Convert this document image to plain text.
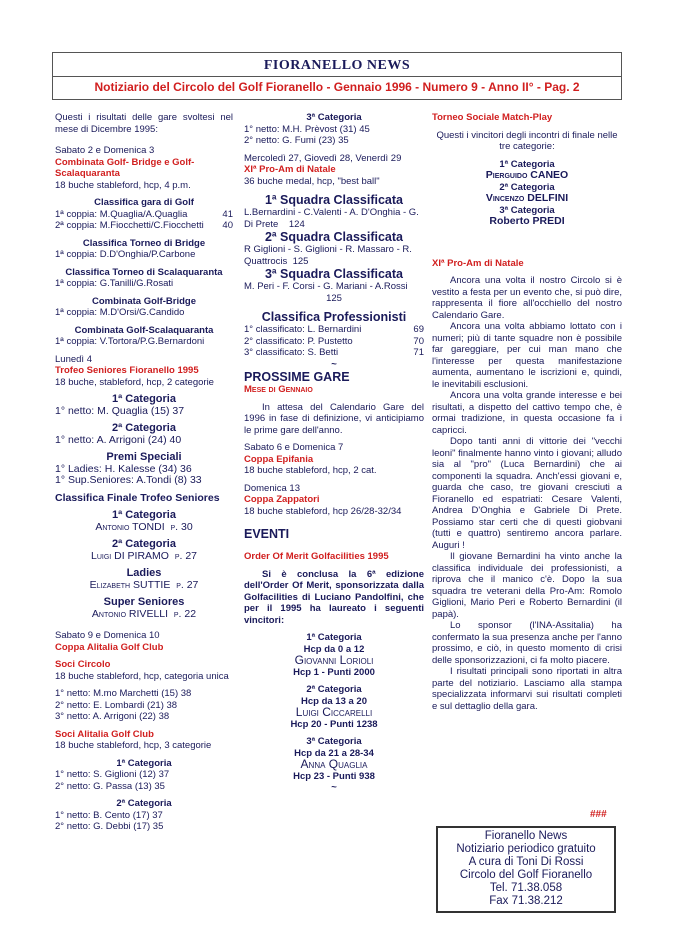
FIORANELLO NEWS
Notiziario del Circolo del Golf Fioranello - Gennaio 1996 - Numero 9 - Anno II° - Pag. 2

Questi i risultati delle gare svoltesi nel mese di Dicembre 1995:

Sabato 2 e Domenica 3

Combinata Golf- Bridge e Golf-Scalaquaranta

18 buche stableford, hcp, 4 p.m.

Classifica gara di Golf

1ª coppia: M.Quaglia/A.Quaglia	41
2ª coppia: M.Fiocchetti/C.Fiocchetti	40

Classifica Torneo di Bridge

1ª coppia: D.D'Onghia/P.Carbone

Classifica Torneo di Scalaquaranta

1ª coppia: G.Tanilli/G.Rosati

Combinata Golf-Bridge

1ª coppia: M.D'Orsi/G.Candido

Combinata Golf-Scalaquaranta

1ª coppia: V.Tortora/P.G.Bernardoni

Lunedì 4

Trofeo Seniores Fioranello 1995

18 buche, stableford, hcp, 2 categorie

1ª Categoria

1° netto: M. Quaglia (15) 37

2ª Categoria

1° netto: A. Arrigoni (24) 40

Premi Speciali

1° Ladies: H. Kalesse (34) 36

1° Sup.Seniores: A.Tondi (8) 33

Classifica Finale Trofeo Seniores

1ª Categoria

Antonio TONDI p. 30

2ª Categoria

Luigi DI PIRAMO p. 27

Ladies

Elizabeth SUTTIE p. 27

Super Seniores

Antonio RIVELLI p. 22

Sabato 9 e Domenica 10

Coppa Alitalia Golf Club

Soci Circolo

18 buche stableford, hcp, categoria unica

1° netto: M.mo Marchetti (15) 38

2° netto: E. Lombardi (21) 38

3° netto: A. Arrigoni (22) 38

Soci Alitalia Golf Club

18 buche stableford, hcp, 3 categorie

1ª Categoria

1° netto: S. Giglioni (12) 37

2° netto: G. Passa (13) 35

2ª Categoria

1° netto: B. Cento (17) 37

2° netto: G. Debbi (17) 35

3ª Categoria

1° netto: M.H. Prèvost (31) 45

2° netto: G. Fumi (23) 35

Mercoledì 27, Giovedì 28, Venerdì 29

XIª Pro-Am di Natale

36 buche medal, hcp, "best ball"

1ª Squadra Classificata

L.Bernardini - C.Valenti - A. D'Onghia - G. Di Prete 124

2ª Squadra Classificata

R Giglioni - S. Giglioni - R. Massaro - R. Quattrocis 125

3ª Squadra Classificata

M. Peri - F. Corsi - G. Mariani - A.Rossi

125

Classifica Professionisti

1° classificato: L. Bernardini	69
2° classificato: P. Pustetto	70
3° classificato: S. Betti	71

~

PROSSIME GARE

Mese di Gennaio

In attesa del Calendario Gare del 1996 in fase di definizione, vi anticipiamo le prime gare dell'anno.

Sabato 6 e Domenica 7

Coppa Epifania

18 buche stableford, hcp, 2 cat.

Domenica 13

Coppa Zappatori

18 buche stableford, hcp 26/28-32/34

EVENTI

Order Of Merit Golfacilities 1995

Si è conclusa la 6ª edizione dell'Order Of Merit, sponsorizzata dalla Golfacilities di Luciano Pandolfini, che per il 1995 ha laureato i seguenti vincitori:

1ª Categoria

Hcp da 0 a 12

Giovanni Lorioli

Hcp 1 - Punti 2000

2ª Categoria

Hcp da 13 a 20

Luigi Ciccarelli

Hcp 20 - Punti 1238

3ª Categoria

Hcp da 21 a 28-34

Anna Quaglia

Hcp 23 - Punti 938

~

Torneo Sociale Match-Play

Questi i vincitori degli incontri di finale nelle tre categorie:

1ª Categoria

Pierguido CANEO

2ª Categoria

Vincenzo DELFINI

3ª Categoria

Roberto PREDI

XIª Pro-Am di Natale

Ancora una volta il nostro Circolo si è vestito a festa per un evento che, si può dire, rappresenta il fiore all'occhiello del nostro Calendario Gare.

Ancora una volta abbiamo lottato con i numeri; più di tante squadre non è possibile far gareggiare, per cui man mano che l'interesse per questa manifestazione aumenta, aumentano le iscrizioni e, quindi, le inevitabili esclusioni.

Ancora una volta grande interesse e bei risultati, a dispetto del cattivo tempo che, è ormai tradizione, in questa occasione fa i capricci.

Dopo tanti anni di vittorie dei "vecchi leoni" finalmente hanno vinto i giovani; alludo sia al "pro" (Luca Bernardini) che ai componenti la squadra. Anch'essi giovani e, guarda che caso, tre giovani cresciuti a Fioranello ed espatriati: Cesare Valenti, Andrea D'Onghia e Gabriele Di Prete. Possiamo star certi che di questi giobvani (tutti e quattro) sentiremo ancora parlare. Auguri !

Il giovane Bernardini ha vinto anche la classifica individuale dei professionisti, a riprova che il manico c'è. Dopo la sua squadra tre veterani della Pro-Am: Romolo Giglioni, Mario Peri e Roberto Bernardini (il papà).

Lo sponsor (l'INA-Assitalia) ha confermato la sua presenza anche per l'anno prossimo, e ciò, in questo momento di crisi delle sponsorizzazioni, ci fa molto piacere.

I risultati principali sono riportati in altra parte del notiziario. Lasciamo alla stampa specializzata informarvi sui risultati completi e sul dettaglio della gara.

###
Fioranello News
Notiziario periodico gratuito
A cura di Toni Di Rossi
Circolo del Golf Fioranello
Tel. 71.38.058
Fax 71.38.212
